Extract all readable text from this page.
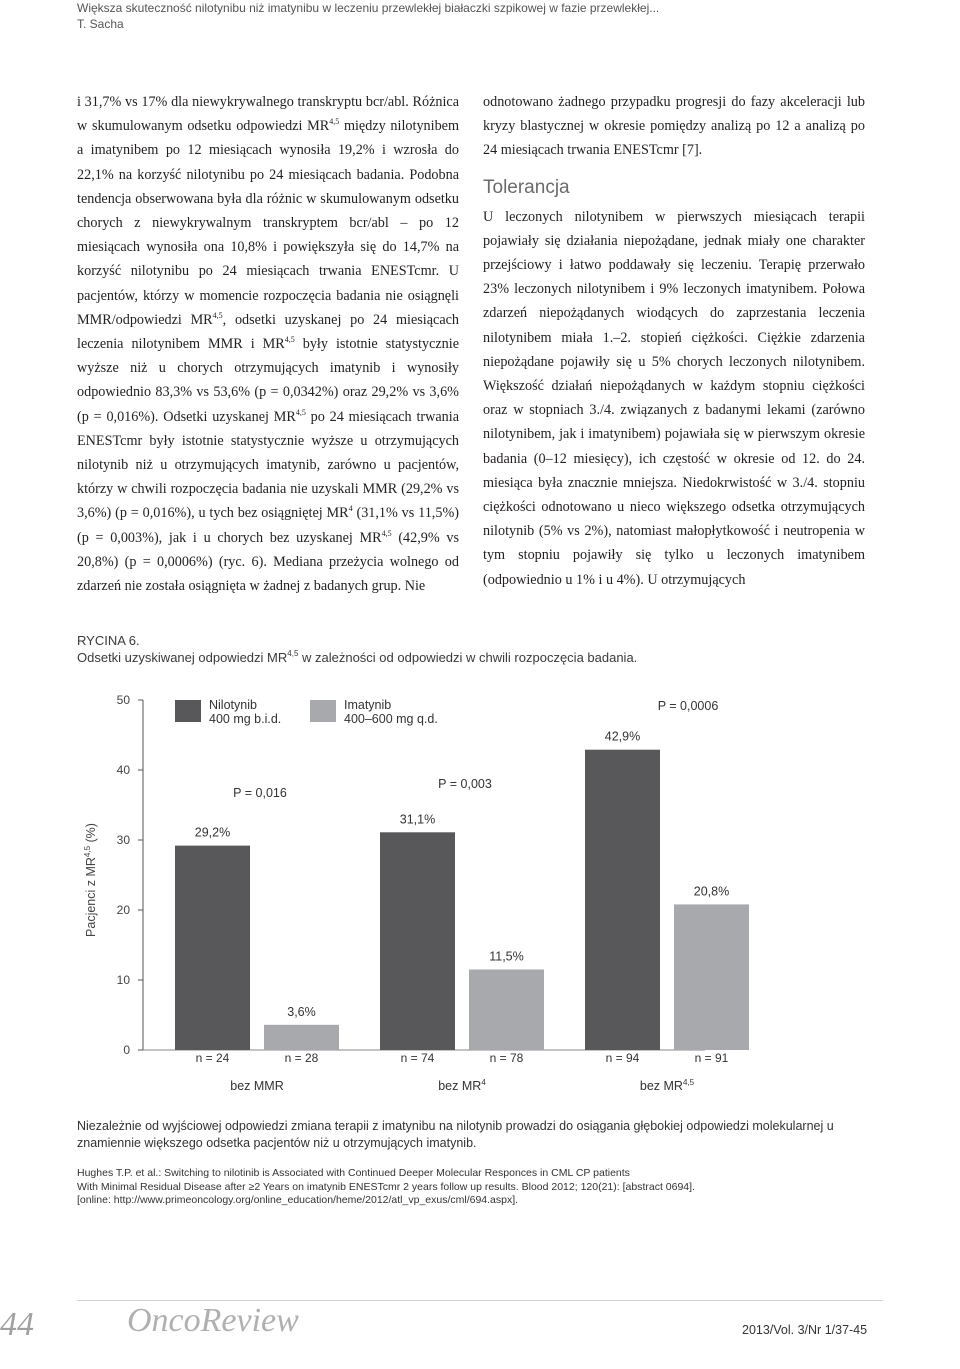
Większa skuteczność nilotynibu niż imatynibu w leczeniu przewlekłej białaczki szpikowej w fazie przewlekłej...
T. Sacha

i 31,7% vs 17% dla niewykrywalnego transkryptu bcr/abl. Różnica w skumulowanym odsetku odpowiedzi MR$^{4,5}$ między nilotynibem a imatynibem po 12 miesiącach wynosiła 19,2% i wzrosła do 22,1% na korzyść nilotynibu po 24 miesiącach badania. Podobna tendencja obserwowana była dla różnic w skumulowanym odsetku chorych z niewykrywalnym transkryptem bcr/abl – po 12 miesiącach wynosiła ona 10,8% i powiększyła się do 14,7% na korzyść nilotynibu po 24 miesiącach trwania ENESTcmr. U pacjentów, którzy w momencie rozpoczęcia badania nie osiągnęli MMR/odpowiedzi MR$^{4,5}$, odsetki uzyskanej po 24 miesiącach leczenia nilotynibem MMR i MR$^{4,5}$ były istotnie statystycznie wyższe niż u chorych otrzymujących imatynib i wynosiły odpowiednio 83,3% vs 53,6% (p = 0,0342%) oraz 29,2% vs 3,6% (p = 0,016%). Odsetki uzyskanej MR$^{4,5}$ po 24 miesiącach trwania ENESTcmr były istotnie statystycznie wyższe u otrzymujących nilotynib niż u otrzymujących imatynib, zarówno u pacjentów, którzy w chwili rozpoczęcia badania nie uzyskali MMR (29,2% vs 3,6%) (p = 0,016%), u tych bez osiągniętej $MR^4$ (31,1% vs 11,5%) (p = 0,003%), jak i u chorych bez uzyskanej MR$^{4,5}$ (42,9% vs 20,8%) (p = 0,0006%) (ryc. 6). Mediana przeżycia wolnego od zdarzeń nie została osiągnięta w żadnej z badanych grup. Nie

odnotowano żadnego przypadku progresji do fazy akceleracji lub kryzy blastycznej w okresie pomiędzy analizą po 12 a analizą po 24 miesiącach trwania ENESTcmr [7].

Tolerancja

U leczonych nilotynibem w pierwszych miesiącach terapii pojawiały się działania niepożądane, jednak miały one charakter przejściowy i łatwo poddawały się leczeniu. Terapię przerwało 23% leczonych nilotynibem i 9% leczonych imatynibem. Połowa zdarzeń niepożądanych wiodących do zaprzestania leczenia nilotynibem miała 1.–2. stopień ciężkości. Ciężkie zdarzenia niepożądane pojawiły się u 5% chorych leczonych nilotynibem. Większość działań niepożądanych w każdym stopniu ciężkości oraz w stopniach 3./4. związanych z badanymi lekami (zarówno nilotynibem, jak i imatynibem) pojawiała się w pierwszym okresie badania (0–12 miesięcy), ich częstość w okresie od 12. do 24. miesiąca była znacznie mniejsza. Niedokrwistość w 3./4. stopniu ciężkości odnotowano u nieco większego odsetka otrzymujących nilotynib (5% vs 2%), natomiast małopłytkowość i neutropenia w tym stopniu pojawiły się tylko u leczonych imatynibem (odpowiednio u 1% i u 4%). U otrzymujących

RYCINA 6.
Odsetki uzyskiwanej odpowiedzi MR$^{4,5}$ w zależności od odpowiedzi w chwili rozpoczęcia badania.
0
10
20
30
40
50
Pacjenci z MR$^{4,5}$ (%)	29,2%
n = 24
31,1%
n = 74
42,9%
n = 94
3,6%
n = 28
11,5%
n = 78
20,8%
n = 91
bez MMR	bez $MR^4$	bez MR$^{4,5}$
P = 0,016
P = 0,003
P = 0,0006
Nilotynib
400 mg b.i.d.
Imatynib
400–600 mg q.d.
Niezależnie od wyjściowej odpowiedzi zmiana terapii z imatynibu na nilotynib prowadzi do osiągania głębokiej odpowiedzi molekularnej u znamiennie większego odsetka pacjentów niż u otrzymujących imatynib.
Hughes T.P. et al.: Switching to nilotinib is Associated with Continued Deeper Molecular Responces in CML CP patients
With Minimal Residual Disease after ≥2 Years on imatynib ENESTcmr 2 years follow up results. Blood 2012; 120(21): [abstract 0694].
[online: http://www.primeoncology.org/online_education/heme/2012/atl_vp_exus/cml/694.aspx].
44	OncoReview	2013/Vol. 3/Nr 1/37-45
